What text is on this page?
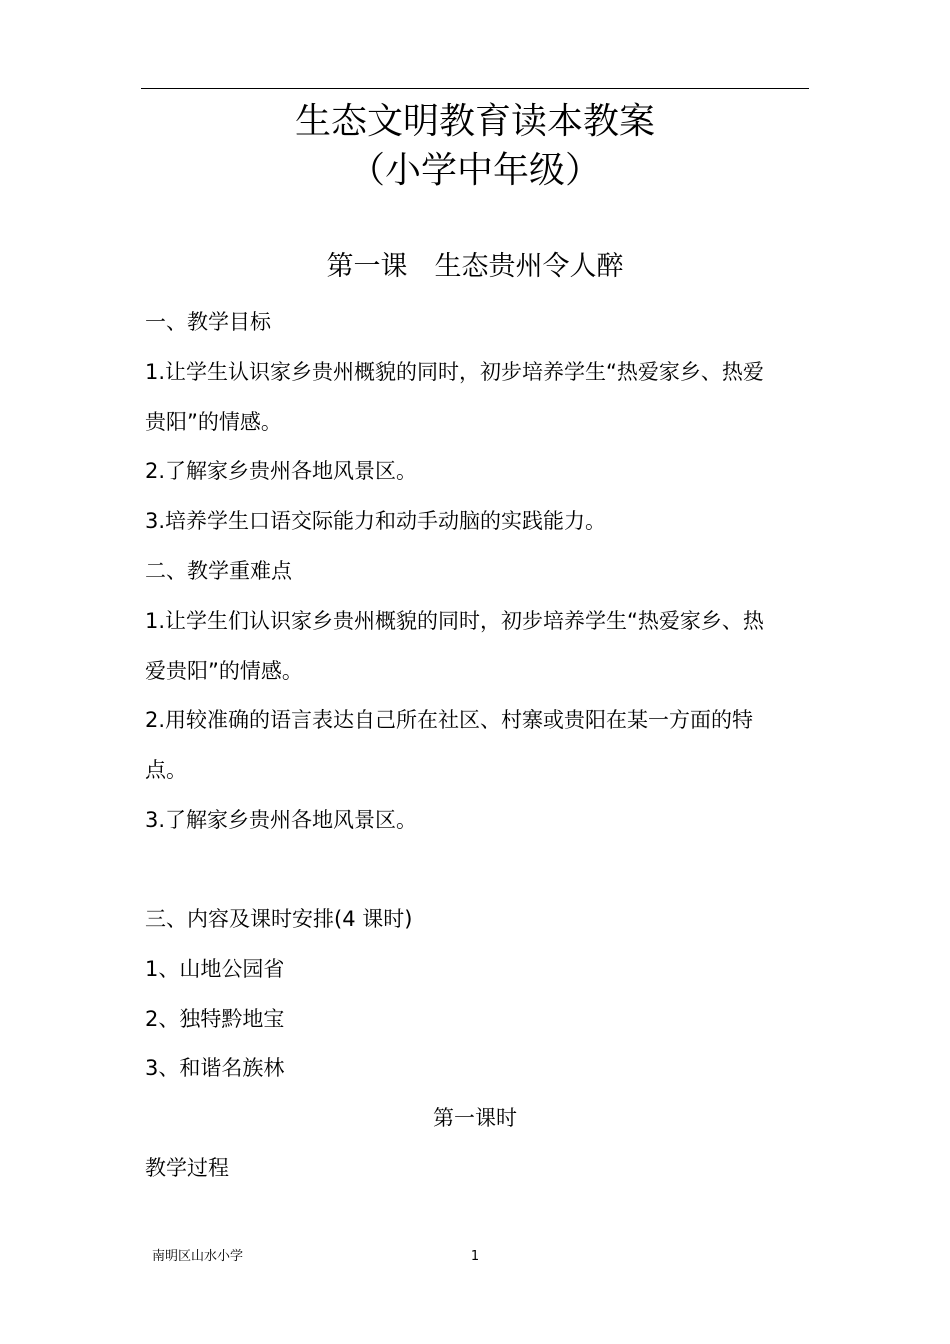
生态文明教育读本教案
（小学中年级）
第一课　生态贵州令人醉
一、教学目标
1.让学生认识家乡贵州概貌的同时，初步培养学生“热爱家乡、热爱
贵阳”的情感。
2.了解家乡贵州各地风景区。
3.培养学生口语交际能力和动手动脑的实践能力。
二、教学重难点
1.让学生们认识家乡贵州概貌的同时，初步培养学生“热爱家乡、热
爱贵阳”的情感。
2.用较准确的语言表达自己所在社区、村寨或贵阳在某一方面的特
点。
3.了解家乡贵州各地风景区。
三、内容及课时安排(4 课时)
1、山地公园省
2、独特黔地宝
3、和谐名族林
第一课时
教学过程
南明区山水小学	1
